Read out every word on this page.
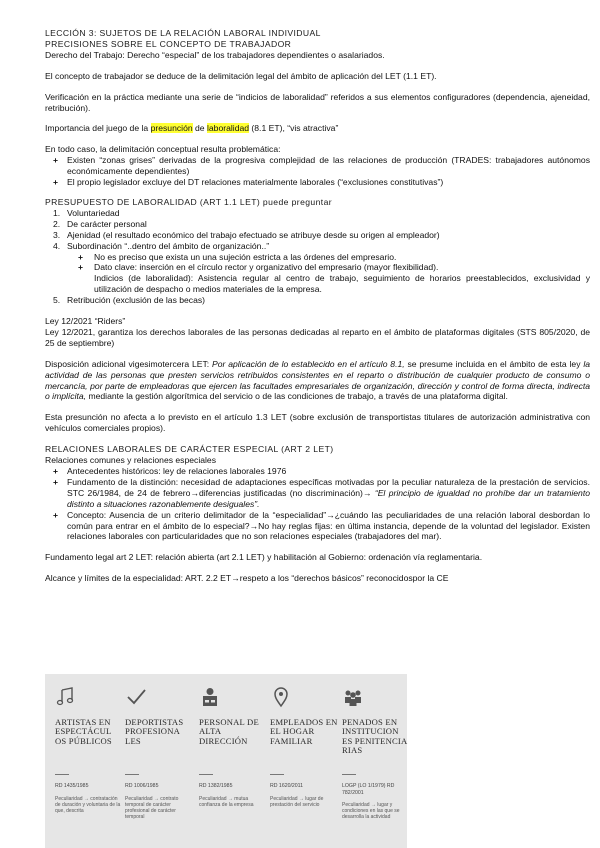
LECCIÓN 3: SUJETOS DE LA RELACIÓN LABORAL INDIVIDUAL

PRECISIONES SOBRE EL CONCEPTO DE TRABAJADOR

Derecho del Trabajo: Derecho “especial” de los trabajadores dependientes o asalariados.

El concepto de trabajador se deduce de la delimitación legal del ámbito de aplicación del LET (1.1 ET).

Verificación en la práctica mediante una serie de “indicios de laboralidad” referidos a sus elementos configuradores (dependencia, ajeneidad, retribución).

Importancia del juego de la presunción de laboralidad (8.1 ET), “vis atractiva”

En todo caso, la delimitación conceptual resulta problemática:

+ Existen “zonas grises” derivadas de la progresiva complejidad de las relaciones de producción (TRADES: trabajadores autónomos económicamente dependientes)
+ El propio legislador excluye del DT relaciones materialmente laborales (“exclusiones constitutivas”)

PRESUPUESTO DE LABORALIDAD (ART 1.1 LET) puede preguntar

1. Voluntariedad
2. De carácter personal
3. Ajenidad (el resultado económico del trabajo efectuado se atribuye desde su origen al empleador)
4. Subordinación “..dentro del ámbito de organización..”
+ No es preciso que exista un una sujeción estricta a las órdenes del empresario.
+ Dato clave: inserción en el círculo rector y organizativo del empresario (mayor flexibilidad).
Indicios (de laboralidad): Asistencia regular al centro de trabajo, seguimiento de horarios preestablecidos, exclusividad y utilización de despacho o medios materiales de la empresa.
5. Retribución (exclusión de las becas)

Ley 12/2021 “Riders”

Ley 12/2021, garantiza los derechos laborales de las personas dedicadas al reparto en el ámbito de plataformas digitales (STS 805/2020, de 25 de septiembre)

Disposición adicional vigesimotercera LET: Por aplicación de lo establecido en el artículo 8.1, se presume incluida en el ámbito de esta ley la actividad de las personas que presten servicios retribuidos consistentes en el reparto o distribución de cualquier producto de consumo o mercancía, por parte de empleadoras que ejercen las facultades empresariales de organización, dirección y control de forma directa, indirecta o implícita, mediante la gestión algorítmica del servicio o de las condiciones de trabajo, a través de una plataforma digital.

Esta presunción no afecta a lo previsto en el artículo 1.3 LET (sobre exclusión de transportistas titulares de autorización administrativa con vehículos comerciales propios).

RELACIONES LABORALES DE CARÁCTER ESPECIAL (ART 2 LET)

Relaciones comunes y relaciones especiales

+ Antecedentes históricos: ley de relaciones laborales 1976
+ Fundamento de la distinción: necesidad de adaptaciones específicas motivadas por la peculiar naturaleza de la prestación de servicios. STC 26/1984, de 24 de febrero→diferencias justificadas (no discriminación)→ “El principio de igualdad no prohíbe dar un tratamiento distinto a situaciones razonablemente desiguales”.
+ Concepto: Ausencia de un criterio delimitador de la “especialidad”→¿cuándo las peculiaridades de una relación laboral desbordan lo común para entrar en el ámbito de lo especial?→No hay reglas fijas: en última instancia, depende de la voluntad del legislador. Existen relaciones laborales con particularidades que no son relaciones especiales (trabajadores del mar).

Fundamento legal art 2 LET: relación abierta (art 2.1 LET) y habilitación al Gobierno: ordenación vía reglamentaria.

Alcance y límites de la especialidad: ART. 2.2 ET→respeto a los “derechos básicos” reconocidospor la CE

ARTISTAS EN ESPECTÁCUL OS PÚBLICOS
RD 1435/1985
Peculiaridad → contratación de duración y voluntaria de la que, descrita
DEPORTISTAS PROFESIONA LES
RD 1006/1985
Peculiaridad → contrato temporal de carácter profesional de carácter temporal
PERSONAL DE ALTA DIRECCIÓN
RD 1382/1985
Peculiaridad → mutua confianza de la empresa
EMPLEADOS EN EL HOGAR FAMILIAR
RD 1620/2011
Peculiaridad → lugar de prestación del servicio
PENADOS EN INSTITUCION ES PENITENCIA RIAS
LOGP (LO 1/1979) RD 782/2001
Peculiaridad → lugar y condiciones en las que se desarrolla la actividad
